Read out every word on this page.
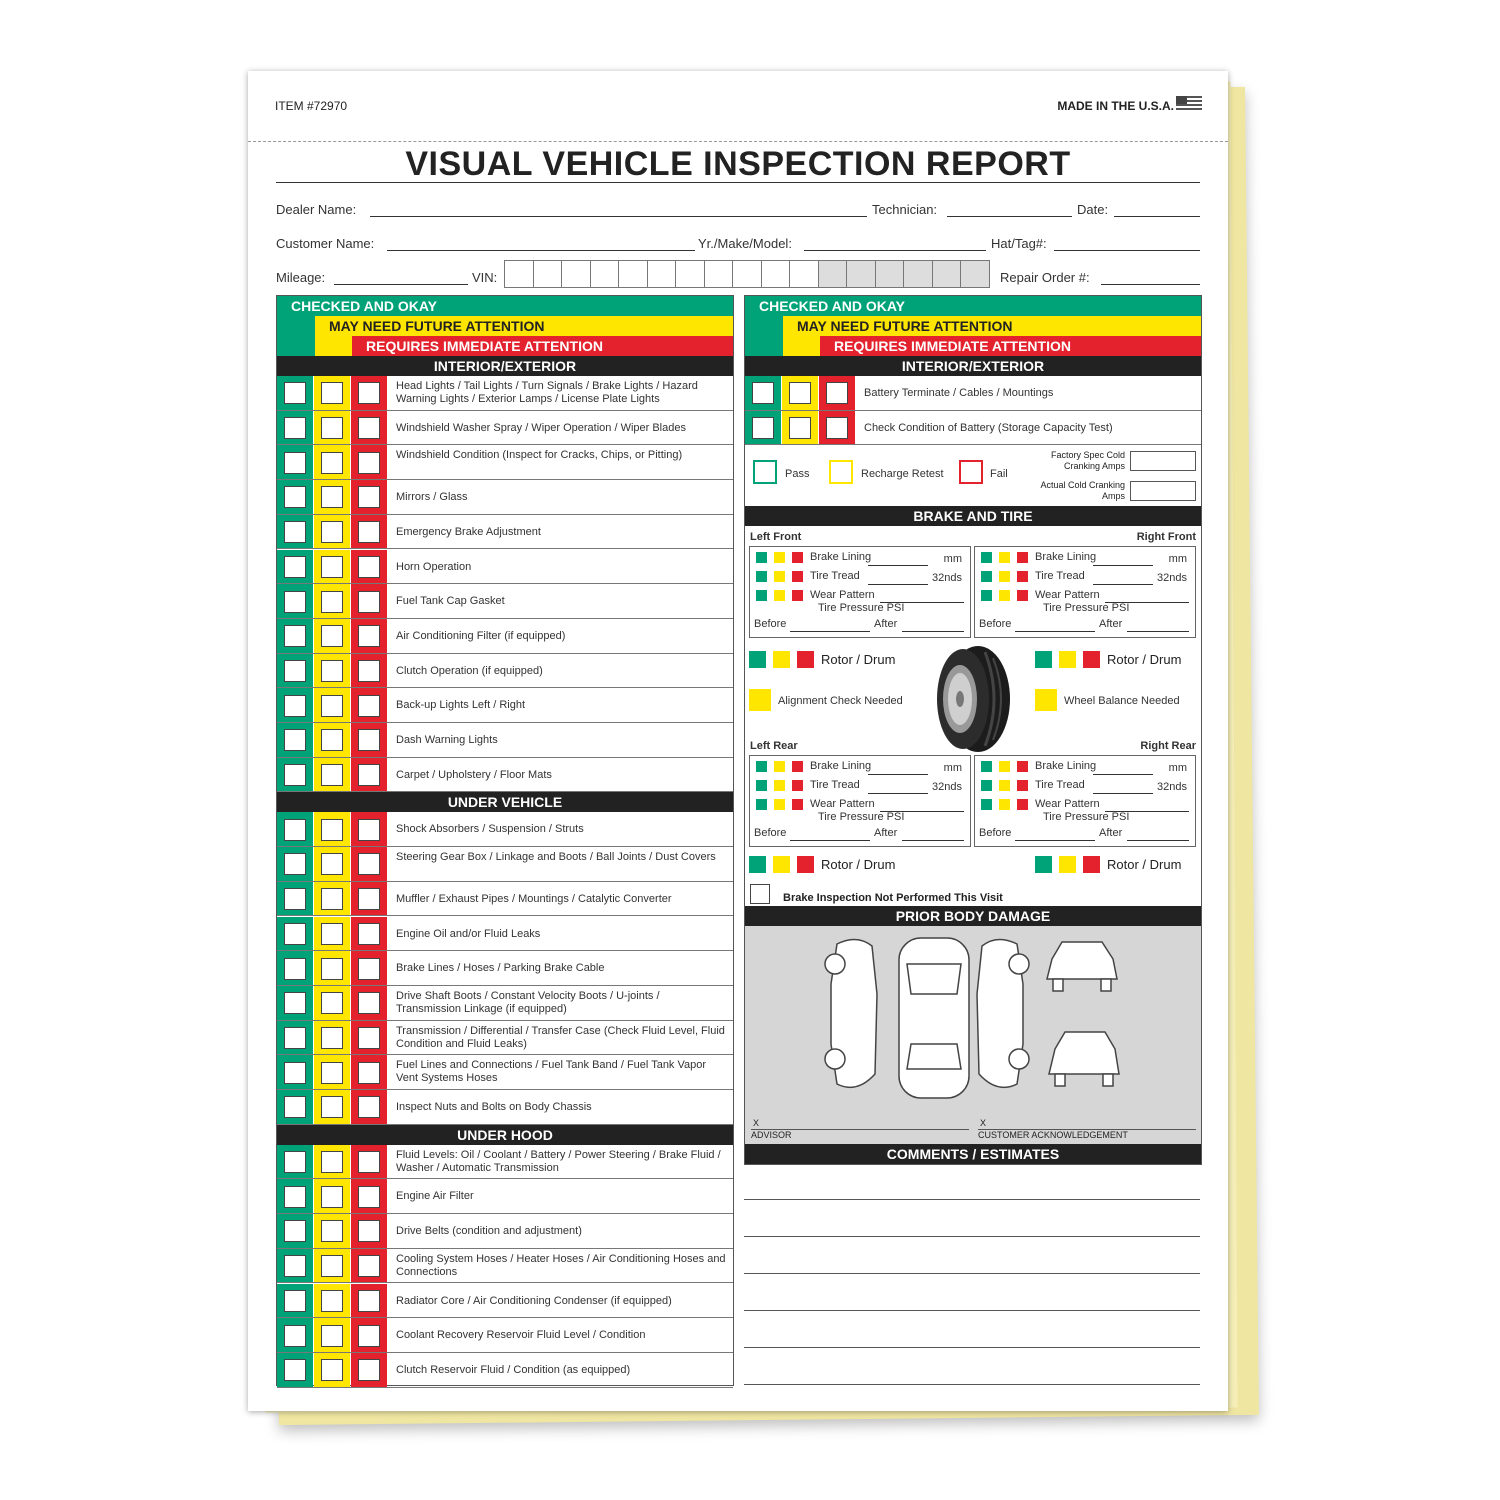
ITEM #72970	MADE IN THE U.S.A.
VISUAL VEHICLE INSPECTION REPORT
Dealer Name:	Technician:	Date:
Customer Name:	Yr./Make/Model:	Hat/Tag#:
Mileage:	VIN:	Repair Order #:
CHECKED AND OKAY
MAY NEED FUTURE ATTENTION
REQUIRES IMMEDIATE ATTENTION
INTERIOR/EXTERIOR
Head Lights / Tail Lights / Turn Signals / Brake Lights / Hazard Warning Lights / Exterior Lamps / License Plate Lights
Windshield Washer Spray / Wiper Operation / Wiper Blades
Windshield Condition (Inspect for Cracks, Chips, or Pitting)
Mirrors / Glass
Emergency Brake Adjustment
Horn Operation
Fuel Tank Cap Gasket
Air Conditioning Filter (if equipped)
Clutch Operation (if equipped)
Back-up Lights Left / Right
Dash Warning Lights
Carpet / Upholstery / Floor Mats
UNDER VEHICLE
Shock Absorbers / Suspension / Struts
Steering Gear Box / Linkage and Boots / Ball Joints / Dust Covers
Muffler / Exhaust Pipes / Mountings / Catalytic Converter
Engine Oil and/or Fluid Leaks
Brake Lines / Hoses / Parking Brake Cable
Drive Shaft Boots / Constant Velocity Boots / U-joints / Transmission Linkage (if equipped)
Transmission / Differential / Transfer Case (Check Fluid Level, Fluid Condition and Fluid Leaks)
Fuel Lines and Connections / Fuel Tank Band / Fuel Tank Vapor Vent Systems Hoses
Inspect Nuts and Bolts on Body Chassis
UNDER HOOD
Fluid Levels: Oil / Coolant / Battery / Power Steering / Brake Fluid / Washer / Automatic Transmission
Engine Air Filter
Drive Belts (condition and adjustment)
Cooling System Hoses / Heater Hoses / Air Conditioning Hoses and Connections
Radiator Core / Air Conditioning Condenser (if equipped)
Coolant Recovery Reservoir Fluid Level / Condition
Clutch Reservoir Fluid / Condition (as equipped)
CHECKED AND OKAY
MAY NEED FUTURE ATTENTION
REQUIRES IMMEDIATE ATTENTION
INTERIOR/EXTERIOR
Battery Terminate / Cables / Mountings
Check Condition of Battery (Storage Capacity Test)
Pass	Recharge Retest	Fail
Factory Spec Cold Cranking Amps
Actual Cold Cranking Amps
BRAKE AND TIRE
Left Front	Right Front
Brake Lining	mm
Tire Tread	32nds
Wear Pattern
Tire Pressure PSI
Before	After
Brake Lining	mm
Tire Tread	32nds
Wear Pattern
Tire Pressure PSI
Before	After
Rotor / Drum	Rotor / Drum
Alignment Check Needed	Wheel Balance Needed
Left Rear	Right Rear
Brake Lining	mm
Tire Tread	32nds
Wear Pattern
Tire Pressure PSI
Before	After
Brake Lining	mm
Tire Tread	32nds
Wear Pattern
Tire Pressure PSI
Before	After
Rotor / Drum	Rotor / Drum
Brake Inspection Not Performed This Visit
PRIOR BODY DAMAGE
X
ADVISOR
X
CUSTOMER ACKNOWLEDGEMENT
COMMENTS / ESTIMATES
